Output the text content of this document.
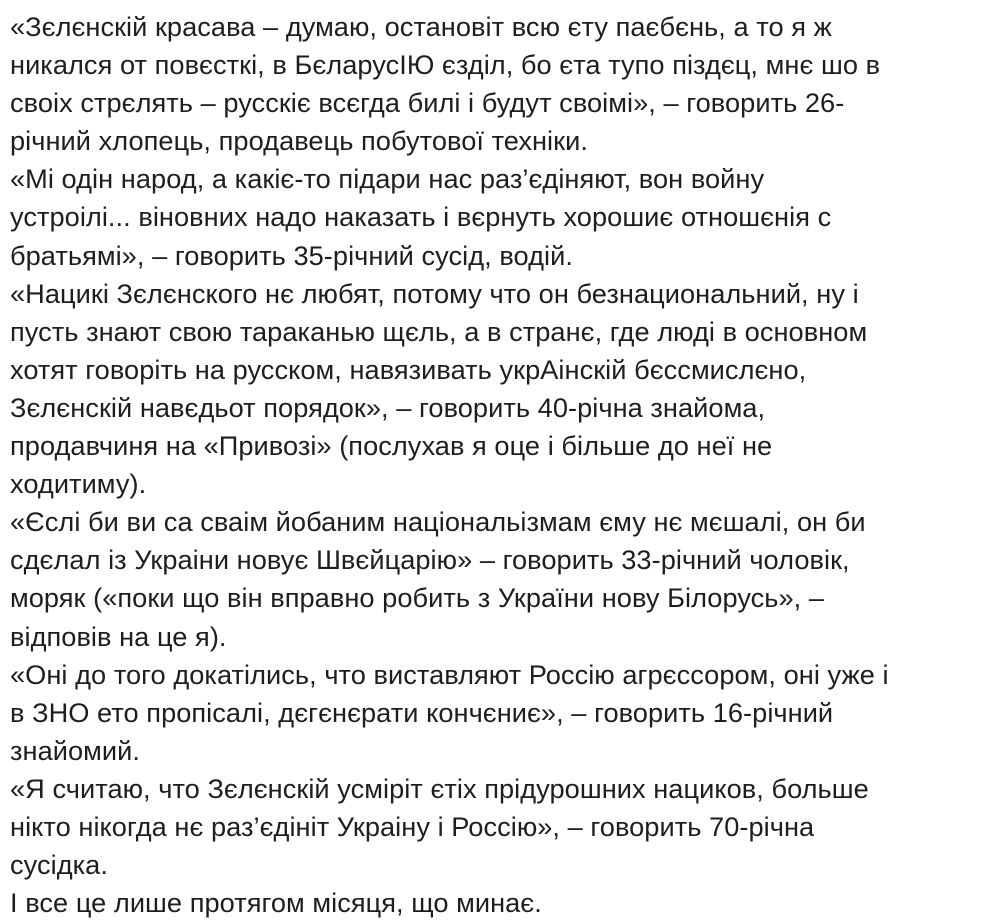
«Зєлєнскій красава – думаю, остановіт всю єту паєбєнь, а то я ж
никался от повєсткі, в БєларусІЮ єзділ, бо єта тупо піздєц, мнє шо в
своіх стрєлять – русскіє всєгда билі і будут своімі», – говорить 26-
річний хлопець, продавець побутової техніки.

«Мі одін народ, а какіє-то підари нас раз’єдіняют, вон войну
устроілі... віновних надо наказать і вєрнуть хорошиє отношєнія с
братьямі», – говорить 35-річний сусід, водій.

«Нацикі Зєлєнского нє любят, потому что он безнациональний, ну і
пусть знают свою тараканью щєль, а в странє, где люді в основном
хотят говоріть на русском, навязивать укрАінскій бєссмислєно,
Зєлєнскій навєдьот порядок», – говорить 40-річна знайома,
продавчиня на «Привозі» (послухав я оце і більше до неї не
ходитиму).

«Єслі би ви са сваім йобаним національізмам єму нє мєшалі, он би
сдєлал із Украіни новує Швєйцарію» – говорить 33-річний чоловік,
моряк («поки що він вправно робить з України нову Білорусь», –
відповів на це я).

«Оні до того докатілись, что виставляют Россію агрєссором, оні уже і
в ЗНО ето пропісалі, дєгєнєрати кончєниє», – говорить 16-річний
знайомий.

«Я считаю, что Зєлєнскій усміріт єтіх прідурошних нациков, больше
нікто нікогда нє раз’єдініт Украіну і Россію», – говорить 70-річна
сусідка.

І все це лише протягом місяця, що минає.
